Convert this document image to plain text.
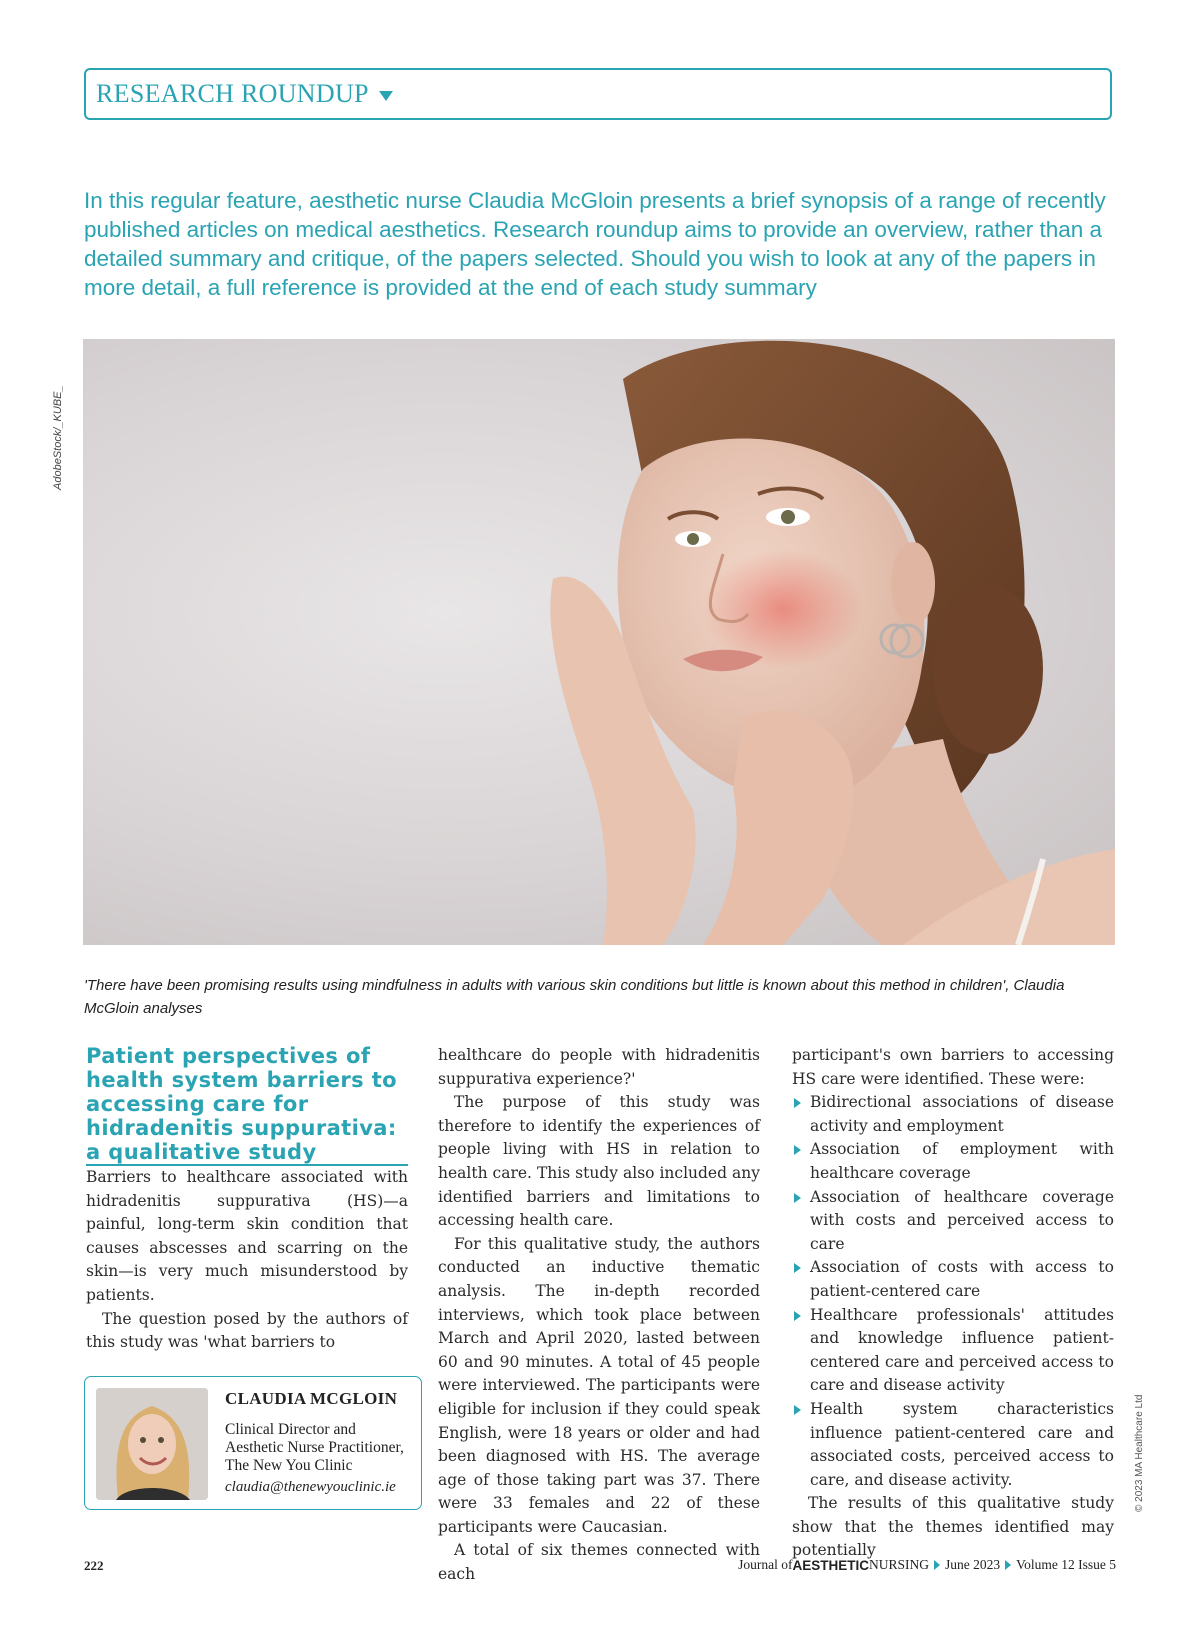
RESEARCH ROUNDUP

In this regular feature, aesthetic nurse Claudia McGloin presents a brief synopsis of a range of recently published articles on medical aesthetics. Research roundup aims to provide an overview, rather than a detailed summary and critique, of the papers selected. Should you wish to look at any of the papers in more detail, a full reference is provided at the end of each study summary

AdobeStock/_KUBE_

'There have been promising results using mindfulness in adults with various skin conditions but little is known about this method in children', Claudia McGloin analyses

Patient perspectives of health system barriers to accessing care for hidradenitis suppurativa: a qualitative study

Barriers to healthcare associated with hidradenitis suppurativa (HS)—a painful, long-term skin condition that causes abscesses and scarring on the skin—is very much misunderstood by patients.

The question posed by the authors of this study was 'what barriers to

healthcare do people with hidradenitis suppurativa experience?'

The purpose of this study was therefore to identify the experiences of people living with HS in relation to health care. This study also included any identified barriers and limitations to accessing health care.

For this qualitative study, the authors conducted an inductive thematic analysis. The in-depth recorded interviews, which took place between March and April 2020, lasted between 60 and 90 minutes. A total of 45 people were interviewed. The participants were eligible for inclusion if they could speak English, were 18 years or older and had been diagnosed with HS. The average age of those taking part was 37. There were 33 females and 22 of these participants were Caucasian.

A total of six themes connected with each

participant's own barriers to accessing HS care were identified. These were:

Bidirectional associations of disease activity and employment
Association of employment with healthcare coverage
Association of healthcare coverage with costs and perceived access to care
Association of costs with access to patient-centered care
Healthcare professionals' attitudes and knowledge influence patient-centered care and perceived access to care and disease activity
Health system characteristics influence patient-centered care and associated costs, perceived access to care, and disease activity.

The results of this qualitative study show that the themes identified may potentially

CLAUDIA MCGLOIN
Clinical Director and Aesthetic Nurse Practitioner, The New You Clinic
claudia@thenewyouclinic.ie	© 2023 MA Healthcare Ltd
222	Journal of AESTHETIC NURSING June 2023 Volume 12 Issue 5
